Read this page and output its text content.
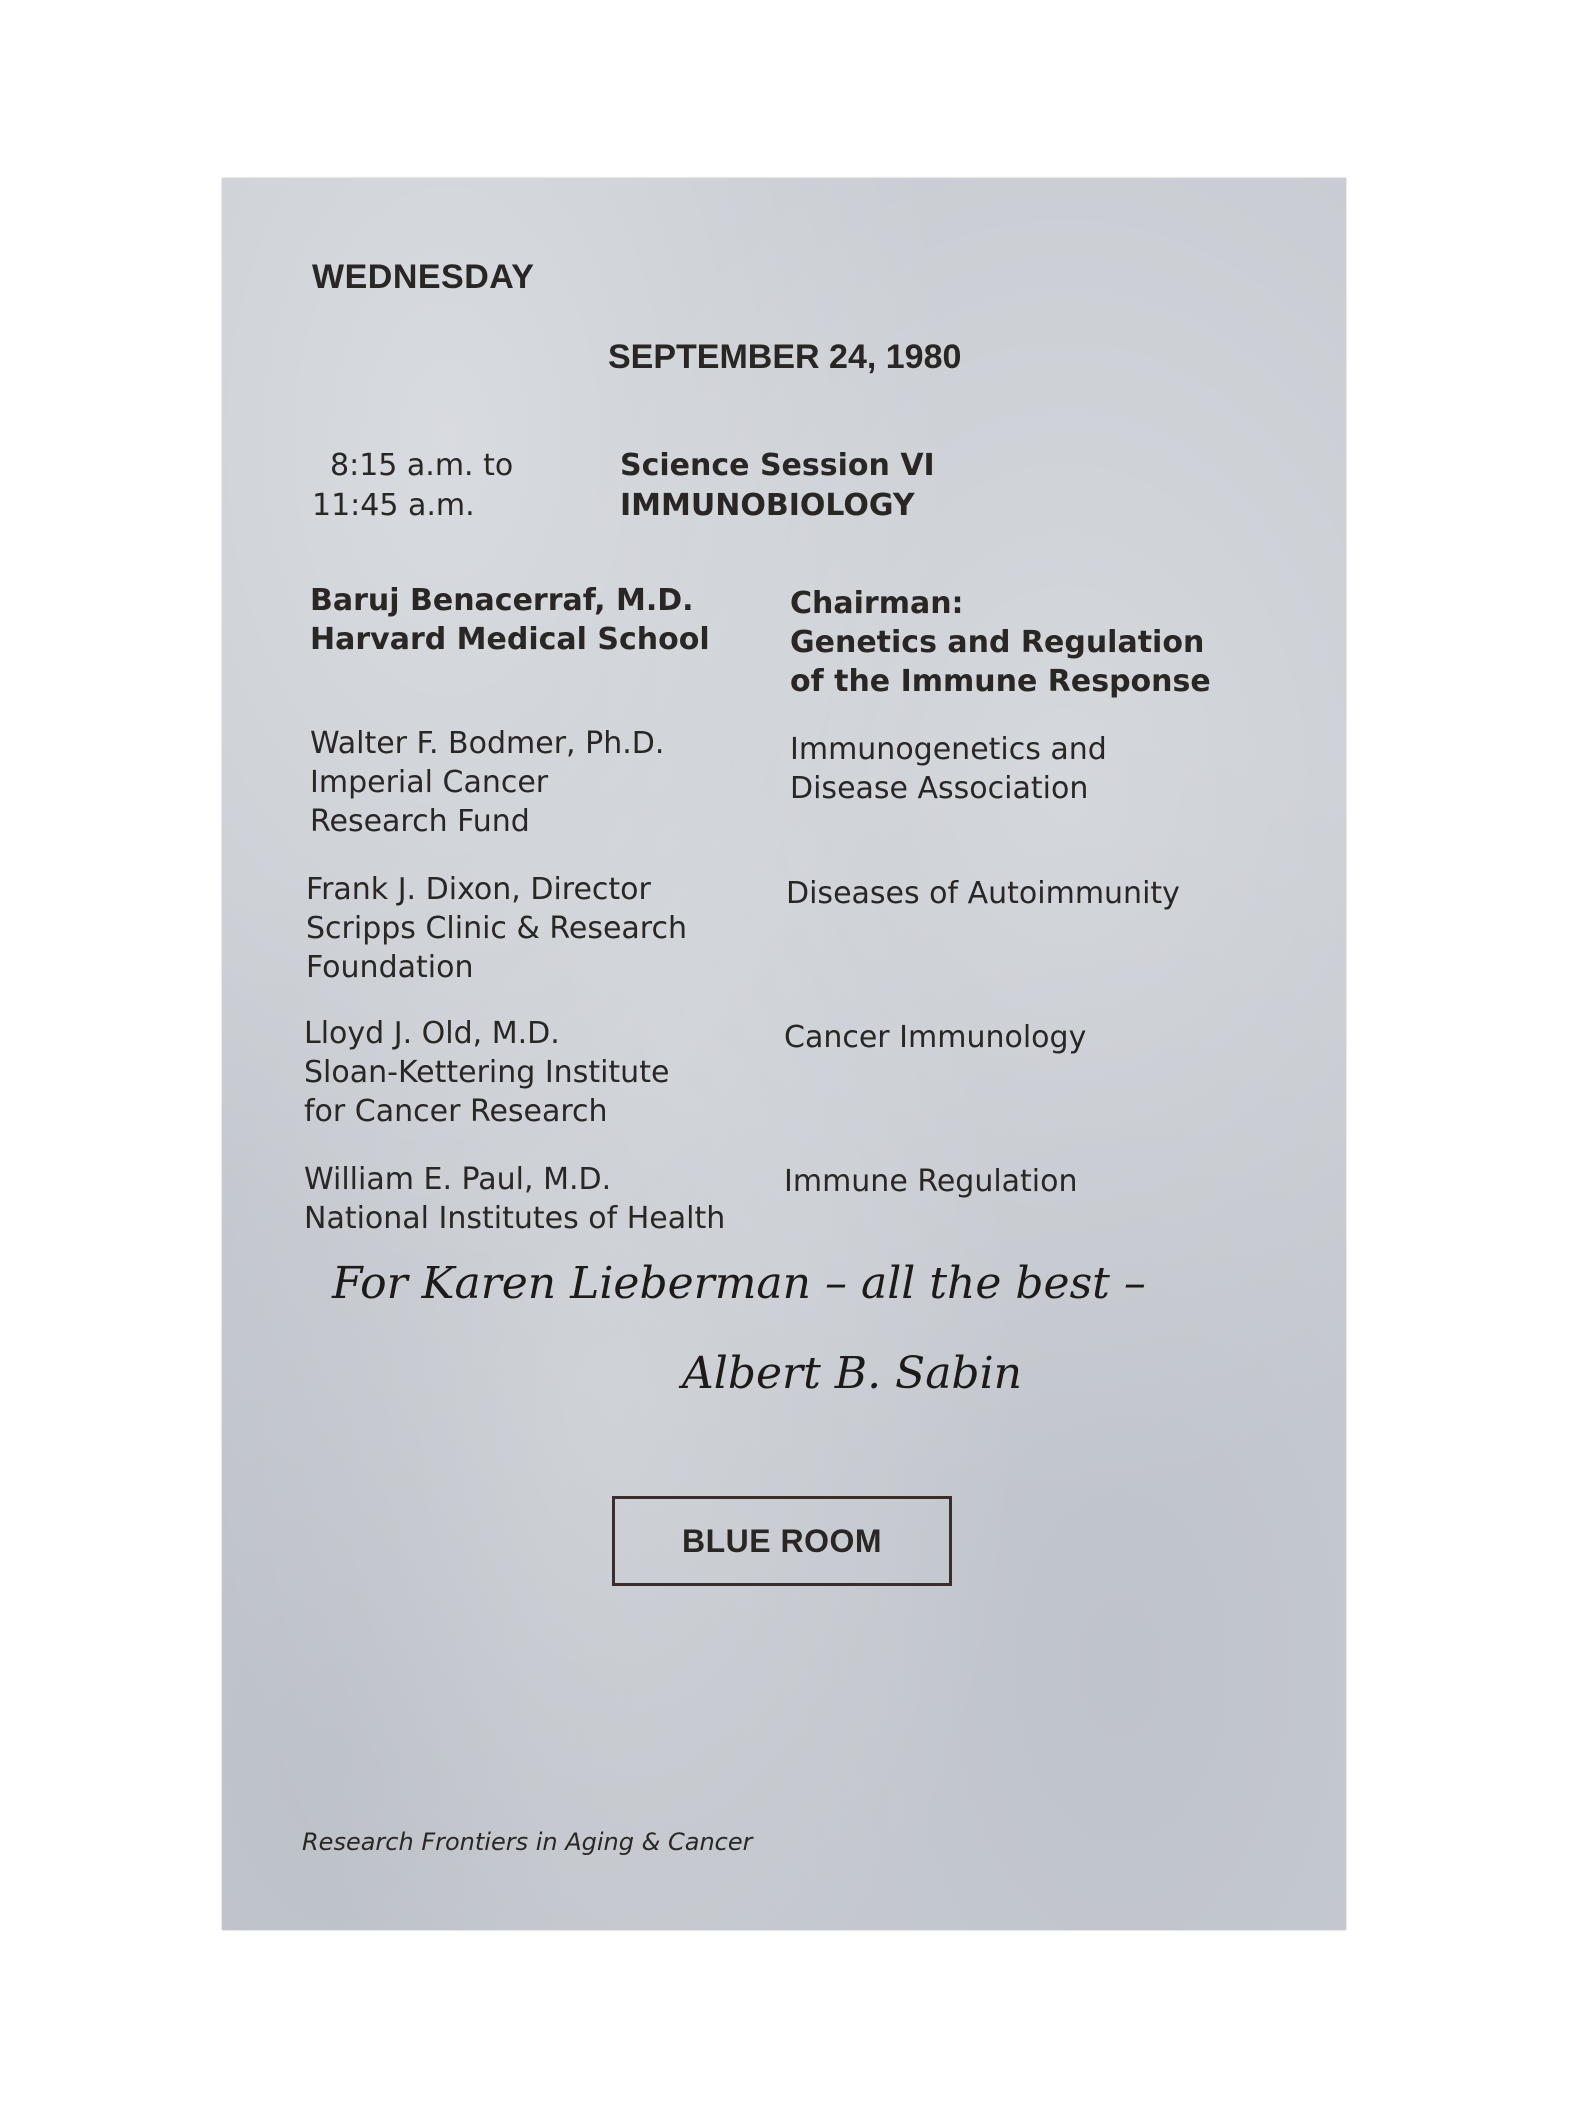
WEDNESDAY
SEPTEMBER 24, 1980
8:15 a.m. to
11:45 a.m.
Science Session VI
IMMUNOBIOLOGY
Baruj Benacerraf, M.D.
Harvard Medical School
Chairman:
Genetics and Regulation
of the Immune Response
Walter F. Bodmer, Ph.D.
Imperial Cancer
Research Fund
Immunogenetics and
Disease Association
Frank J. Dixon, Director
Scripps Clinic & Research
Foundation
Diseases of Autoimmunity
Lloyd J. Old, M.D.
Sloan-Kettering Institute
for Cancer Research
Cancer Immunology
William E. Paul, M.D.
National Institutes of Health
Immune Regulation
For Karen Lieberman – all the best –
Albert B. Sabin
BLUE ROOM
Research Frontiers in Aging & Cancer
